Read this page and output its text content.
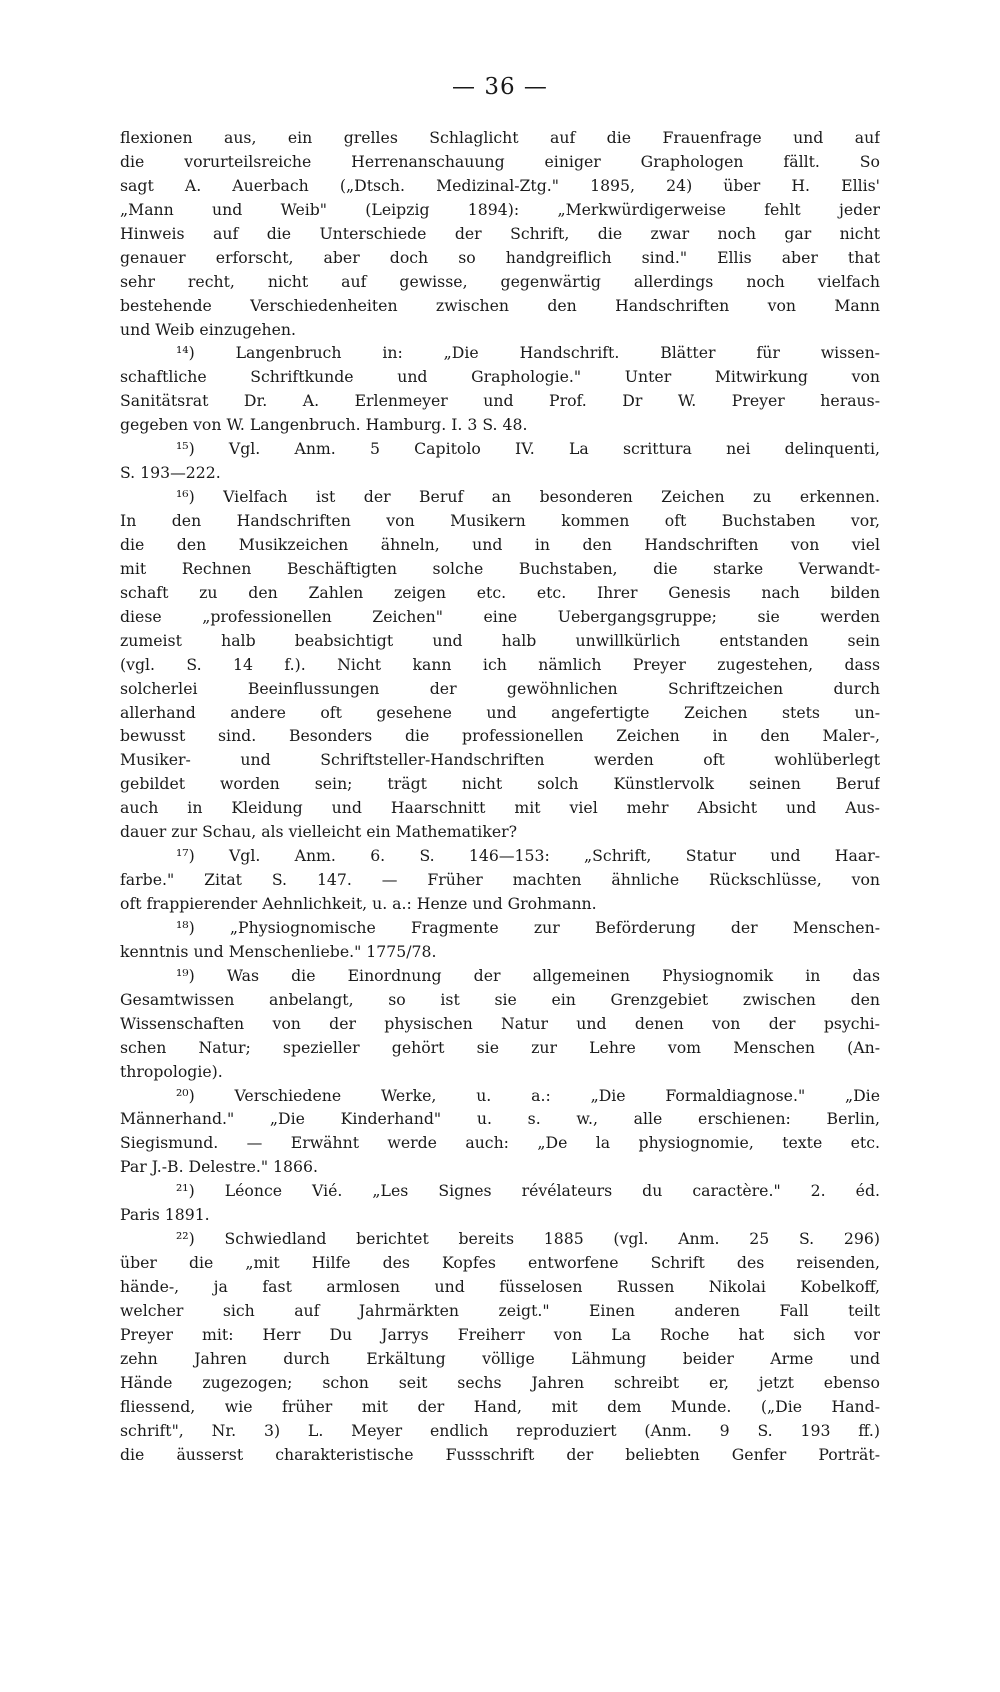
— 36 —
flexionen aus, ein grelles Schlaglicht auf die Frauenfrage und auf
die vorurteilsreiche Herrenanschauung einiger Graphologen fällt. So
sagt A. Auerbach („Dtsch. Medizinal-Ztg." 1895, 24) über H. Ellis'
„Mann und Weib" (Leipzig 1894): „Merkwürdigerweise fehlt jeder
Hinweis auf die Unterschiede der Schrift, die zwar noch gar nicht
genauer erforscht, aber doch so handgreiflich sind." Ellis aber that
sehr recht, nicht auf gewisse, gegenwärtig allerdings noch vielfach
bestehende Verschiedenheiten zwischen den Handschriften von Mann
und Weib einzugehen.
¹⁴) Langenbruch in: „Die Handschrift. Blätter für wissen-
schaftliche Schriftkunde und Graphologie." Unter Mitwirkung von
Sanitätsrat Dr. A. Erlenmeyer und Prof. Dr W. Preyer heraus-
gegeben von W. Langenbruch. Hamburg. I. 3 S. 48.
¹⁵) Vgl. Anm. 5 Capitolo IV. La scrittura nei delinquenti,
S. 193—222.
¹⁶) Vielfach ist der Beruf an besonderen Zeichen zu erkennen.
In den Handschriften von Musikern kommen oft Buchstaben vor,
die den Musikzeichen ähneln, und in den Handschriften von viel
mit Rechnen Beschäftigten solche Buchstaben, die starke Verwandt-
schaft zu den Zahlen zeigen etc. etc. Ihrer Genesis nach bilden
diese „professionellen Zeichen" eine Uebergangsgruppe; sie werden
zumeist halb beabsichtigt und halb unwillkürlich entstanden sein
(vgl. S. 14 f.). Nicht kann ich nämlich Preyer zugestehen, dass
solcherlei Beeinflussungen der gewöhnlichen Schriftzeichen durch
allerhand andere oft gesehene und angefertigte Zeichen stets un-
bewusst sind. Besonders die professionellen Zeichen in den Maler-,
Musiker- und Schriftsteller-Handschriften werden oft wohlüberlegt
gebildet worden sein; trägt nicht solch Künstlervolk seinen Beruf
auch in Kleidung und Haarschnitt mit viel mehr Absicht und Aus-
dauer zur Schau, als vielleicht ein Mathematiker?
¹⁷) Vgl. Anm. 6. S. 146—153: „Schrift, Statur und Haar-
farbe." Zitat S. 147. — Früher machten ähnliche Rückschlüsse, von
oft frappierender Aehnlichkeit, u. a.: Henze und Grohmann.
¹⁸) „Physiognomische Fragmente zur Beförderung der Menschen-
kenntnis und Menschenliebe." 1775/78.
¹⁹) Was die Einordnung der allgemeinen Physiognomik in das
Gesamtwissen anbelangt, so ist sie ein Grenzgebiet zwischen den
Wissenschaften von der physischen Natur und denen von der psychi-
schen Natur; spezieller gehört sie zur Lehre vom Menschen (An-
thropologie).
²⁰) Verschiedene Werke, u. a.: „Die Formaldiagnose." „Die
Männerhand." „Die Kinderhand" u. s. w., alle erschienen: Berlin,
Siegismund. — Erwähnt werde auch: „De la physiognomie, texte etc.
Par J.-B. Delestre." 1866.
²¹) Léonce Vié. „Les Signes révélateurs du caractère." 2. éd.
Paris 1891.
²²) Schwiedland berichtet bereits 1885 (vgl. Anm. 25 S. 296)
über die „mit Hilfe des Kopfes entworfene Schrift des reisenden,
hände-, ja fast armlosen und füsselosen Russen Nikolai Kobelkoff,
welcher sich auf Jahrmärkten zeigt." Einen anderen Fall teilt
Preyer mit: Herr Du Jarrys Freiherr von La Roche hat sich vor
zehn Jahren durch Erkältung völlige Lähmung beider Arme und
Hände zugezogen; schon seit sechs Jahren schreibt er, jetzt ebenso
fliessend, wie früher mit der Hand, mit dem Munde. („Die Hand-
schrift", Nr. 3) L. Meyer endlich reproduziert (Anm. 9 S. 193 ff.)
die äusserst charakteristische Fussschrift der beliebten Genfer Porträt-
